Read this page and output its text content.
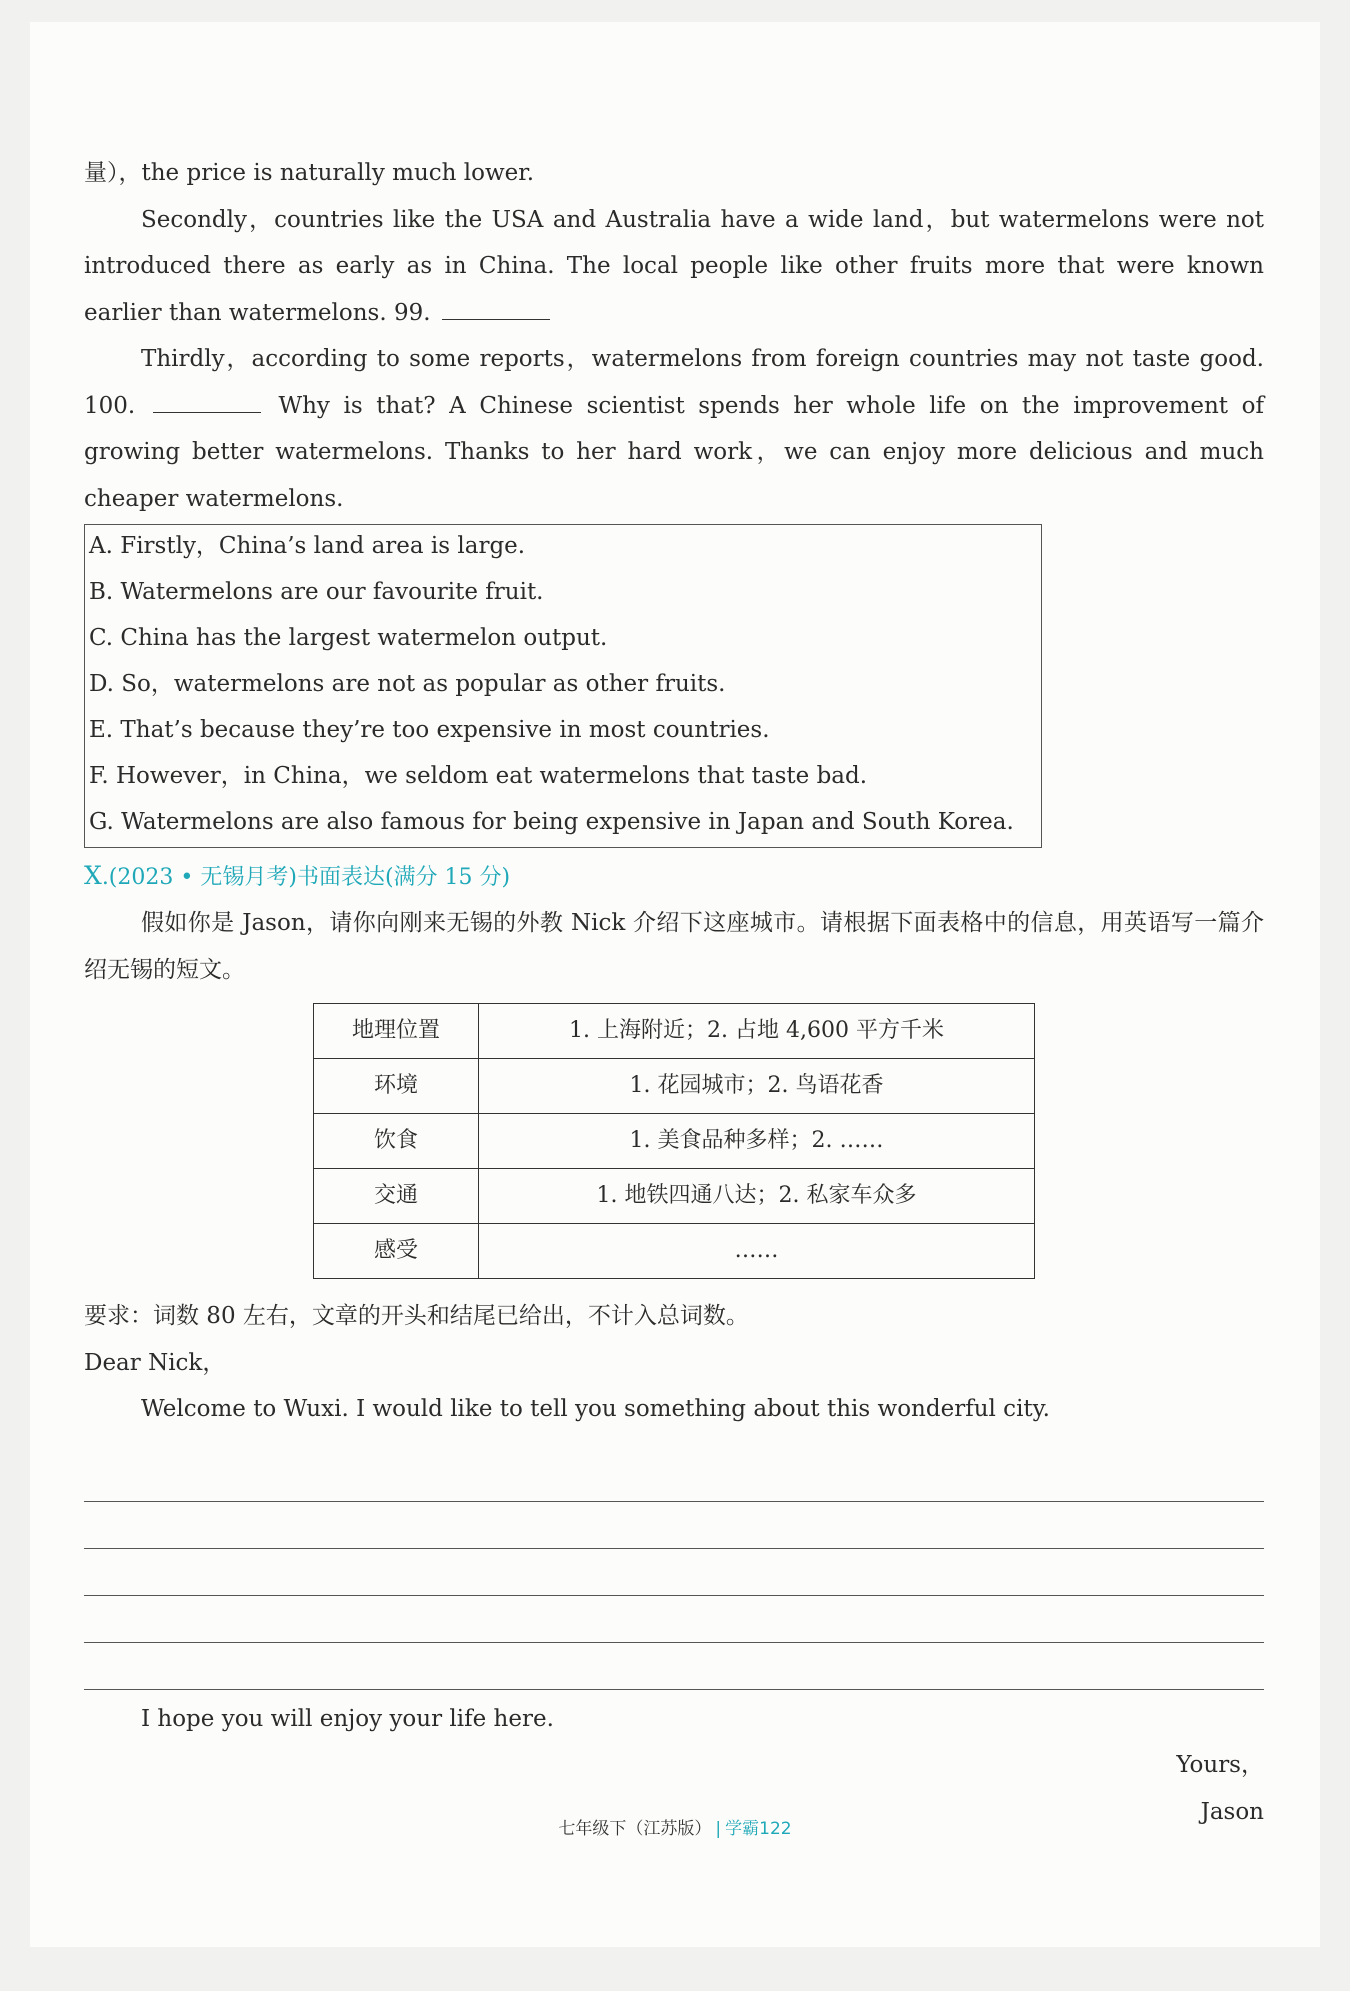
量），the price is naturally much lower.

Secondly，countries like the USA and Australia have a wide land，but watermelons were not introduced there as early as in China. The local people like other fruits more that were known earlier than watermelons. 99.

Thirdly，according to some reports，watermelons from foreign countries may not taste good. 100.	Why is that? A Chinese scientist spends her whole life on the improvement of growing better watermelons. Thanks to her hard work，we can enjoy more delicious and much cheaper watermelons.

A. Firstly，China’s land area is large.
B. Watermelons are our favourite fruit.
C. China has the largest watermelon output.
D. So，watermelons are not as popular as other fruits.
E. That’s because they’re too expensive in most countries.
F. However，in China，we seldom eat watermelons that taste bad.
G. Watermelons are also famous for being expensive in Japan and South Korea.
X.(2023 • 无锡月考)书面表达(满分 15 分)

假如你是 Jason，请你向刚来无锡的外教 Nick 介绍下这座城市。请根据下面表格中的信息，用英语写一篇介绍无锡的短文。

地理位置	1. 上海附近；2. 占地 4,600 平方千米
环境	1. 花园城市；2. 鸟语花香
饮食	1. 美食品种多样；2. ……
交通	1. 地铁四通八达；2. 私家车众多
感受	……

要求：词数 80 左右，文章的开头和结尾已给出，不计入总词数。

Dear Nick，

Welcome to Wuxi. I would like to tell you something about this wonderful city.

I hope you will enjoy your life here.

Yours，

Jason

七年级下（江苏版） | 学霸122
